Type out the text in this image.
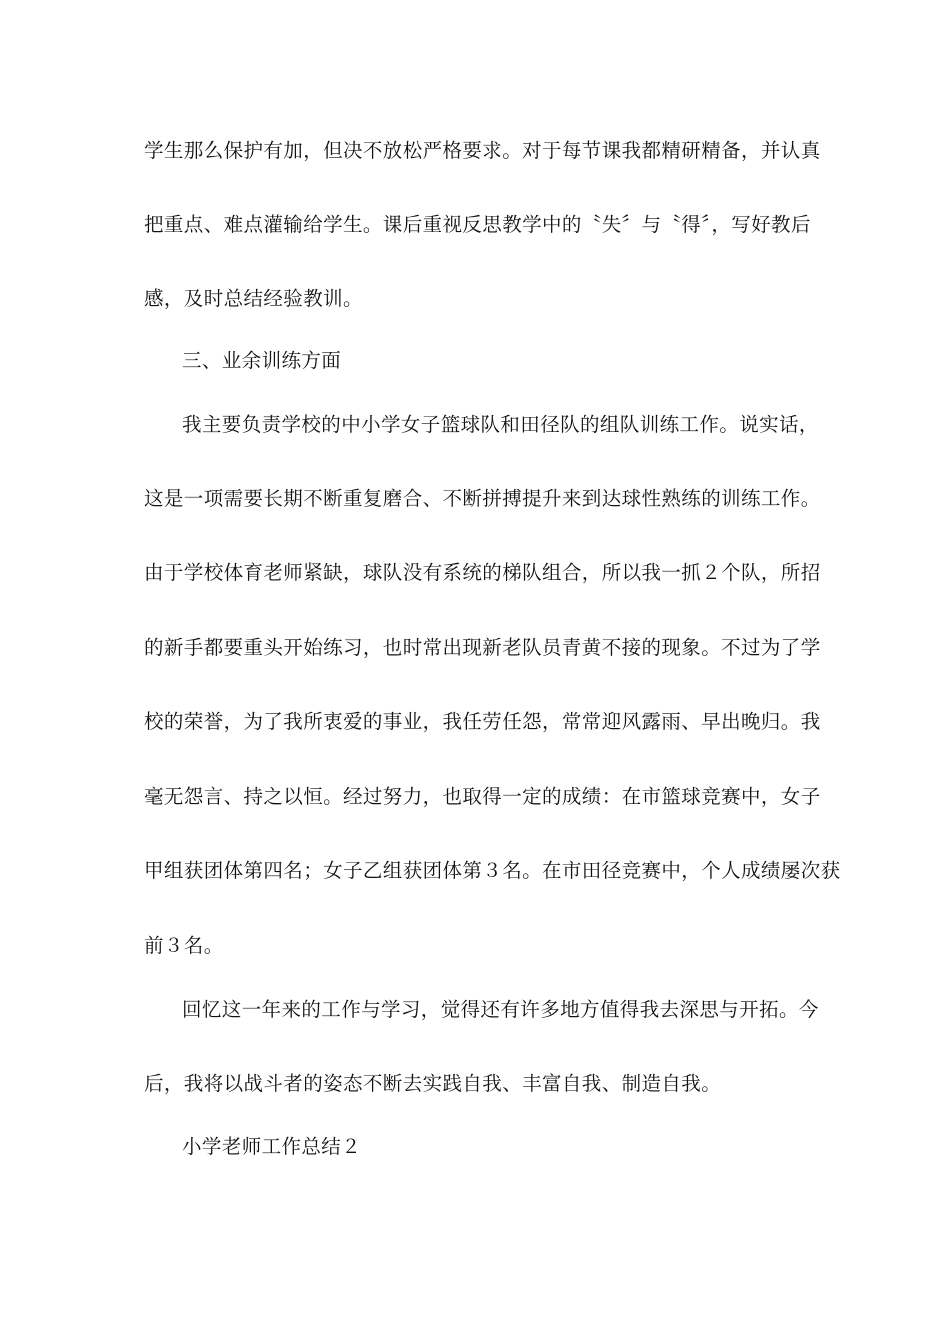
学生那么保护有加，但决不放松严格要求。对于每节课我都精研精备，并认真
把重点、难点灌输给学生。课后重视反思教学中的〝失〞与〝得〞，写好教后
感，及时总结经验教训。
三、业余训练方面
我主要负责学校的中小学女子篮球队和田径队的组队训练工作。说实话，
这是一项需要长期不断重复磨合、不断拼搏提升来到达球性熟练的训练工作。
由于学校体育老师紧缺，球队没有系统的梯队组合，所以我一抓２个队，所招
的新手都要重头开始练习，也时常出现新老队员青黄不接的现象。不过为了学
校的荣誉，为了我所衷爱的事业，我任劳任怨，常常迎风露雨、早出晚归。我
毫无怨言、持之以恒。经过努力，也取得一定的成绩：在市篮球竞赛中，女子
甲组获团体第四名；女子乙组获团体第３名。在市田径竞赛中，个人成绩屡次获
前３名。
回忆这一年来的工作与学习，觉得还有许多地方值得我去深思与开拓。今
后，我将以战斗者的姿态不断去实践自我、丰富自我、制造自我。
小学老师工作总结２
